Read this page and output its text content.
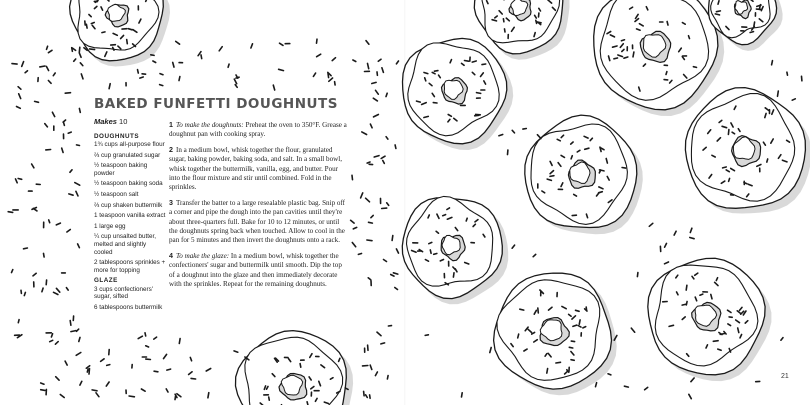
BAKED FUNFETTI DOUGHNUTS
Makes 10
DOUGHNUTS
1¾ cups all-purpose flour
⅔ cup granulated sugar
½ teaspoon baking powder
½ teaspoon baking soda
½ teaspoon salt
⅔ cup shaken buttermilk
1 teaspoon vanilla extract
1 large egg
¼ cup unsalted butter, melted and slightly cooled
2 tablespoons sprinkles + more for topping
GLAZE
3 cups confectioners' sugar, sifted
6 tablespoons buttermilk

1 To make the doughnuts: Preheat the oven to 350°F. Grease a doughnut pan with cooking spray.

2 In a medium bowl, whisk together the flour, granulated sugar, baking powder, baking soda, and salt. In a small bowl, whisk together the buttermilk, vanilla, egg, and butter. Pour into the flour mixture and stir until combined. Fold in the sprinkles.

3 Transfer the batter to a large resealable plastic bag. Snip off a corner and pipe the dough into the pan cavities until they're about three-quarters full. Bake for 10 to 12 minutes, or until the doughnuts spring back when touched. Allow to cool in the pan for 5 minutes and then invert the doughnuts onto a rack.

4 To make the glaze: In a medium bowl, whisk together the confectioners' sugar and buttermilk until smooth. Dip the top of a doughnut into the glaze and then immediately decorate with the sprinkles. Repeat for the remaining doughnuts.

21
